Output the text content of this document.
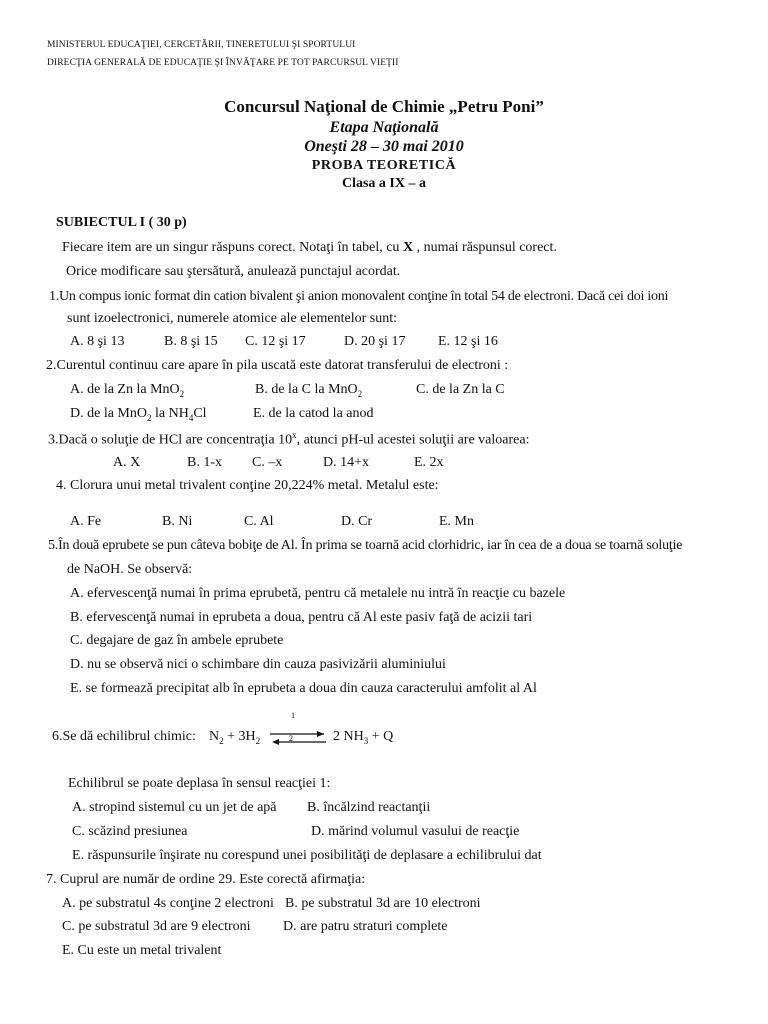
MINISTERUL EDUCAŢIEI, CERCETĂRII, TINERETULUI ŞI SPORTULUI
DIRECŢIA GENERALĂ DE EDUCAŢIE ŞI ÎNVĂŢARE PE TOT PARCURSUL VIEŢII
Concursul Naţional de Chimie „Petru Poni”
Etapa Naţională
Oneşti 28 – 30 mai 2010
PROBA TEORETICĂ
Clasa a IX – a
SUBIECTUL I ( 30 p)
Fiecare item are un singur răspuns corect. Notaţi în tabel, cu X , numai răspunsul corect.
Orice modificare sau ştersătură, anulează punctajul acordat.
1.Un compus ionic format din cation bivalent şi anion monovalent conţine în total 54 de electroni. Dacă cei doi ioni
sunt izoelectronici, numerele atomice ale elementelor sunt:
A. 8 şi 13	B. 8 şi 15 C. 12 şi 17	D. 20 şi 17 E. 12 şi 16
2.Curentul continuu care apare în pila uscată este datorat transferului de electroni :
A. de la Zn la MnO$_2$	B. de la C la MnO$_2$	C. de la Zn la C
D. de la MnO$_2$ la $NH_4Cl$	E. de la catod la anod
3.Dacă o soluţie de HCl are concentraţia 10$^x$, atunci pH-ul acestei soluţii are valoarea:
A. X	B. 1-x C. –x	D. 14+x	E. 2x
4. Clorura unui metal trivalent conţine 20,224% metal. Metalul este:
A. Fe	B. Ni	C. Al	D. Cr	E. Mn
5.În două eprubete se pun câteva bobiţe de Al. În prima se toarnă acid clorhidric, iar în cea de a doua se toarnă soluţie
de NaOH. Se observă:
A. efervescenţă numai în prima eprubetă, pentru că metalele nu intră în reacţie cu bazele
B. efervescenţă numai in eprubeta a doua, pentru că Al este pasiv faţă de acizii tari
C. degajare de gaz în ambele eprubete
D. nu se observă nici o schimbare din cauza pasivizării aluminiului
E. se formează precipitat alb în eprubeta a doua din cauza caracterului amfolit al Al
6.Se dă echilibrul chimic: $N_2 + 3H_2$
1
2	2 $NH_3 + Q$
Echilibrul se poate deplasa în sensul reacţiei 1:
A. stropind sistemul cu un jet de apă B. încălzind reactanţii
C. scăzind presiunea	D. mărind volumul vasului de reacţie
E. răspunsurile înşirate nu corespund unei posibilităţi de deplasare a echilibrului dat
7. Cuprul are număr de ordine 29. Este corectă afirmaţia:
A. pe substratul 4s conţine 2 electroni B. pe substratul 3d are 10 electroni
C. pe substratul 3d are 9 electroni D. are patru straturi complete
E. Cu este un metal trivalent
